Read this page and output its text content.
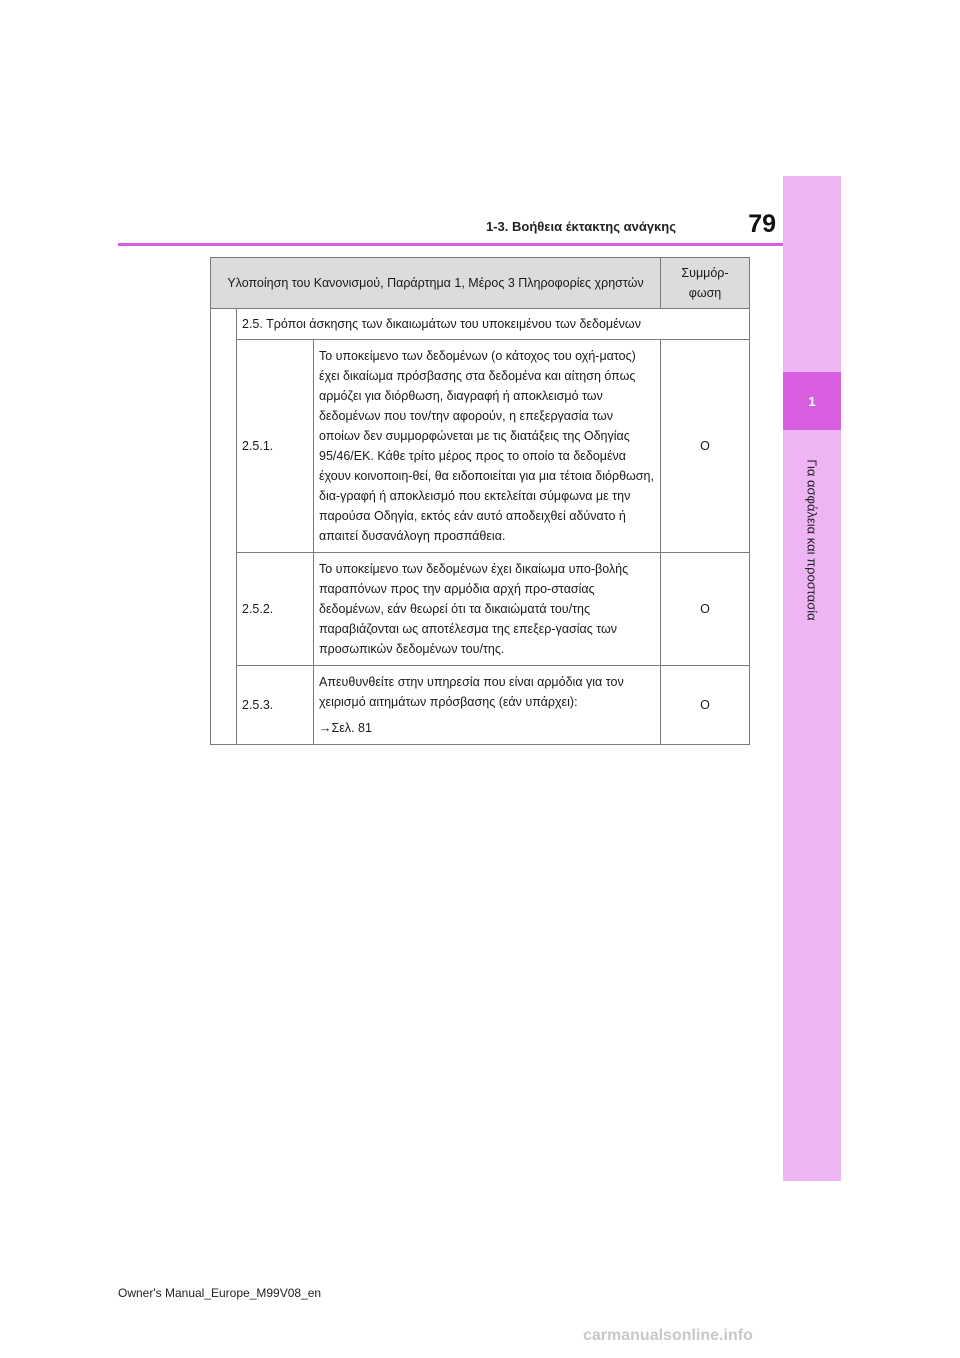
1
Για ασφάλεια και προστασία
79
1-3. Βοήθεια έκτακτης ανάγκης
Υλοποίηση του Κανονισμού, Παράρτημα 1, Μέρος 3 Πληροφορίες χρηστών			Συμμόρ-φωση
	2.5. Τρόποι άσκησης των δικαιωμάτων του υποκειμένου των δεδομένων		
	2.5.1.	Το υποκείμενο των δεδομένων (ο κάτοχος του οχή-ματος) έχει δικαίωμα πρόσβασης στα δεδομένα και αίτηση όπως αρμόζει για διόρθωση, διαγραφή ή αποκλεισμό των δεδομένων που τον/την αφορούν, η επεξεργασία των οποίων δεν συμμορφώνεται με τις διατάξεις της Οδηγίας 95/46/ΕΚ. Κάθε τρίτο μέρος προς το οποίο τα δεδομένα έχουν κοινοποιη-θεί, θα ειδοποιείται για μια τέτοια διόρθωση, δια-γραφή ή αποκλεισμό που εκτελείται σύμφωνα με την παρούσα Οδηγία, εκτός εάν αυτό αποδειχθεί αδύνατο ή απαιτεί δυσανάλογη προσπάθεια.	O
	2.5.2.	Το υποκείμενο των δεδομένων έχει δικαίωμα υπο-βολής παραπόνων προς την αρμόδια αρχή προ-στασίας δεδομένων, εάν θεωρεί ότι τα δικαιώματά του/της παραβιάζονται ως αποτέλεσμα της επεξερ-γασίας των προσωπικών δεδομένων του/της.	O
	2.5.3.	Απευθυνθείτε στην υπηρεσία που είναι αρμόδια για τον χειρισμό αιτημάτων πρόσβασης (εάν υπάρχει):
→Σελ. 81	O
Owner's Manual_Europe_M99V08_en
carmanualsonline.info
